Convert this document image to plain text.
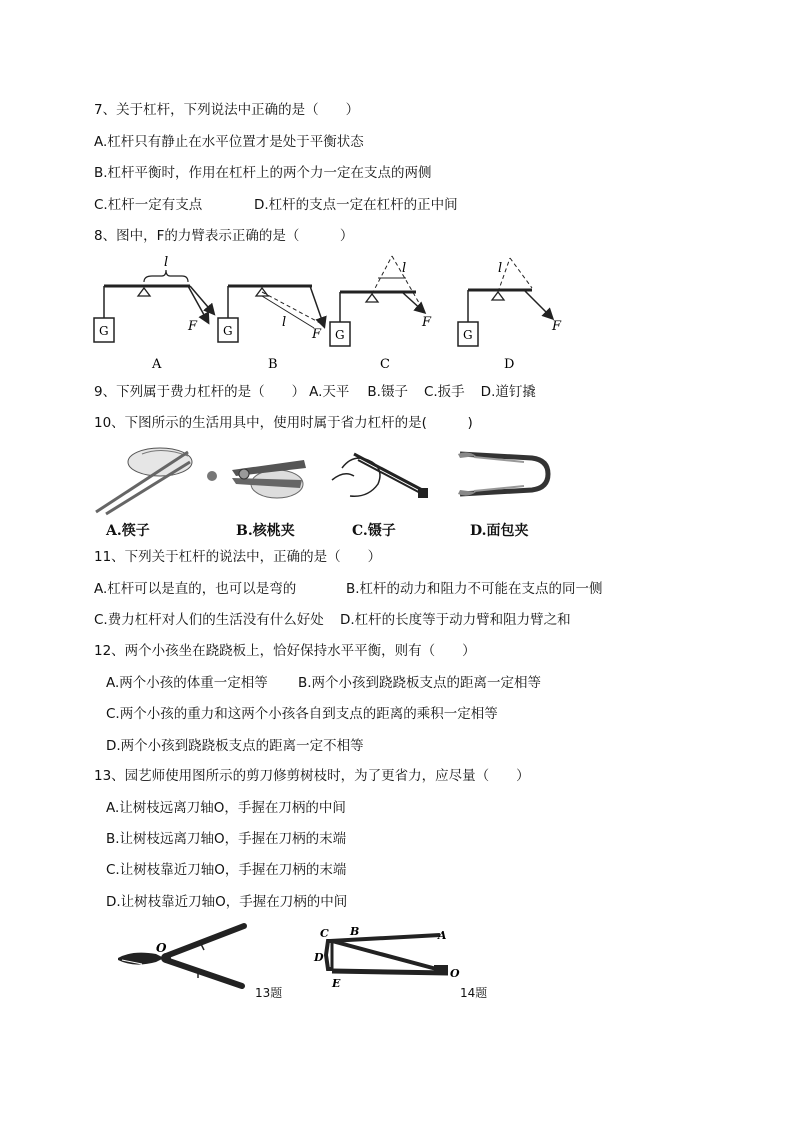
7、关于杠杆，下列说法中正确的是（　　）
A.杠杆只有静止在水平位置才是处于平衡状态
B.杠杆平衡时，作用在杠杆上的两个力一定在支点的两侧
C.杠杆一定有支点	D.杠杆的支点一定在杠杆的正中间
8、图中，F的力臂表示正确的是（　　　）
G
l
F
A
G
l
F
B
G
l
F
C
G
l
F
D
9、下列属于费力杠杆的是（　　） A.天平 B.镊子 C.扳手 D.道钉撬
10、下图所示的生活用具中，使用时属于省力杠杆的是(　　　)
A.筷子	B.核桃夹	C.镊子	D.面包夹
11、下列关于杠杆的说法中，正确的是（　　）
A.杠杆可以是直的，也可以是弯的	B.杠杆的动力和阻力不可能在支点的同一侧
C.费力杠杆对人们的生活没有什么好处 D.杠杆的长度等于动力臂和阻力臂之和
12、两个小孩坐在跷跷板上，恰好保持水平平衡，则有（　　）
A.两个小孩的体重一定相等 B.两个小孩到跷跷板支点的距离一定相等
C.两个小孩的重力和这两个小孩各自到支点的距离的乘积一定相等
D.两个小孩到跷跷板支点的距离一定不相等
13、园艺师使用图所示的剪刀修剪树枝时，为了更省力，应尽量（　　）
A.让树枝远离刀轴O，手握在刀柄的中间
B.让树枝远离刀轴O，手握在刀柄的末端
C.让树枝靠近刀轴O，手握在刀柄的末端
D.让树枝靠近刀轴O，手握在刀柄的中间
O
13题
C B	A
D
E
O
14题
